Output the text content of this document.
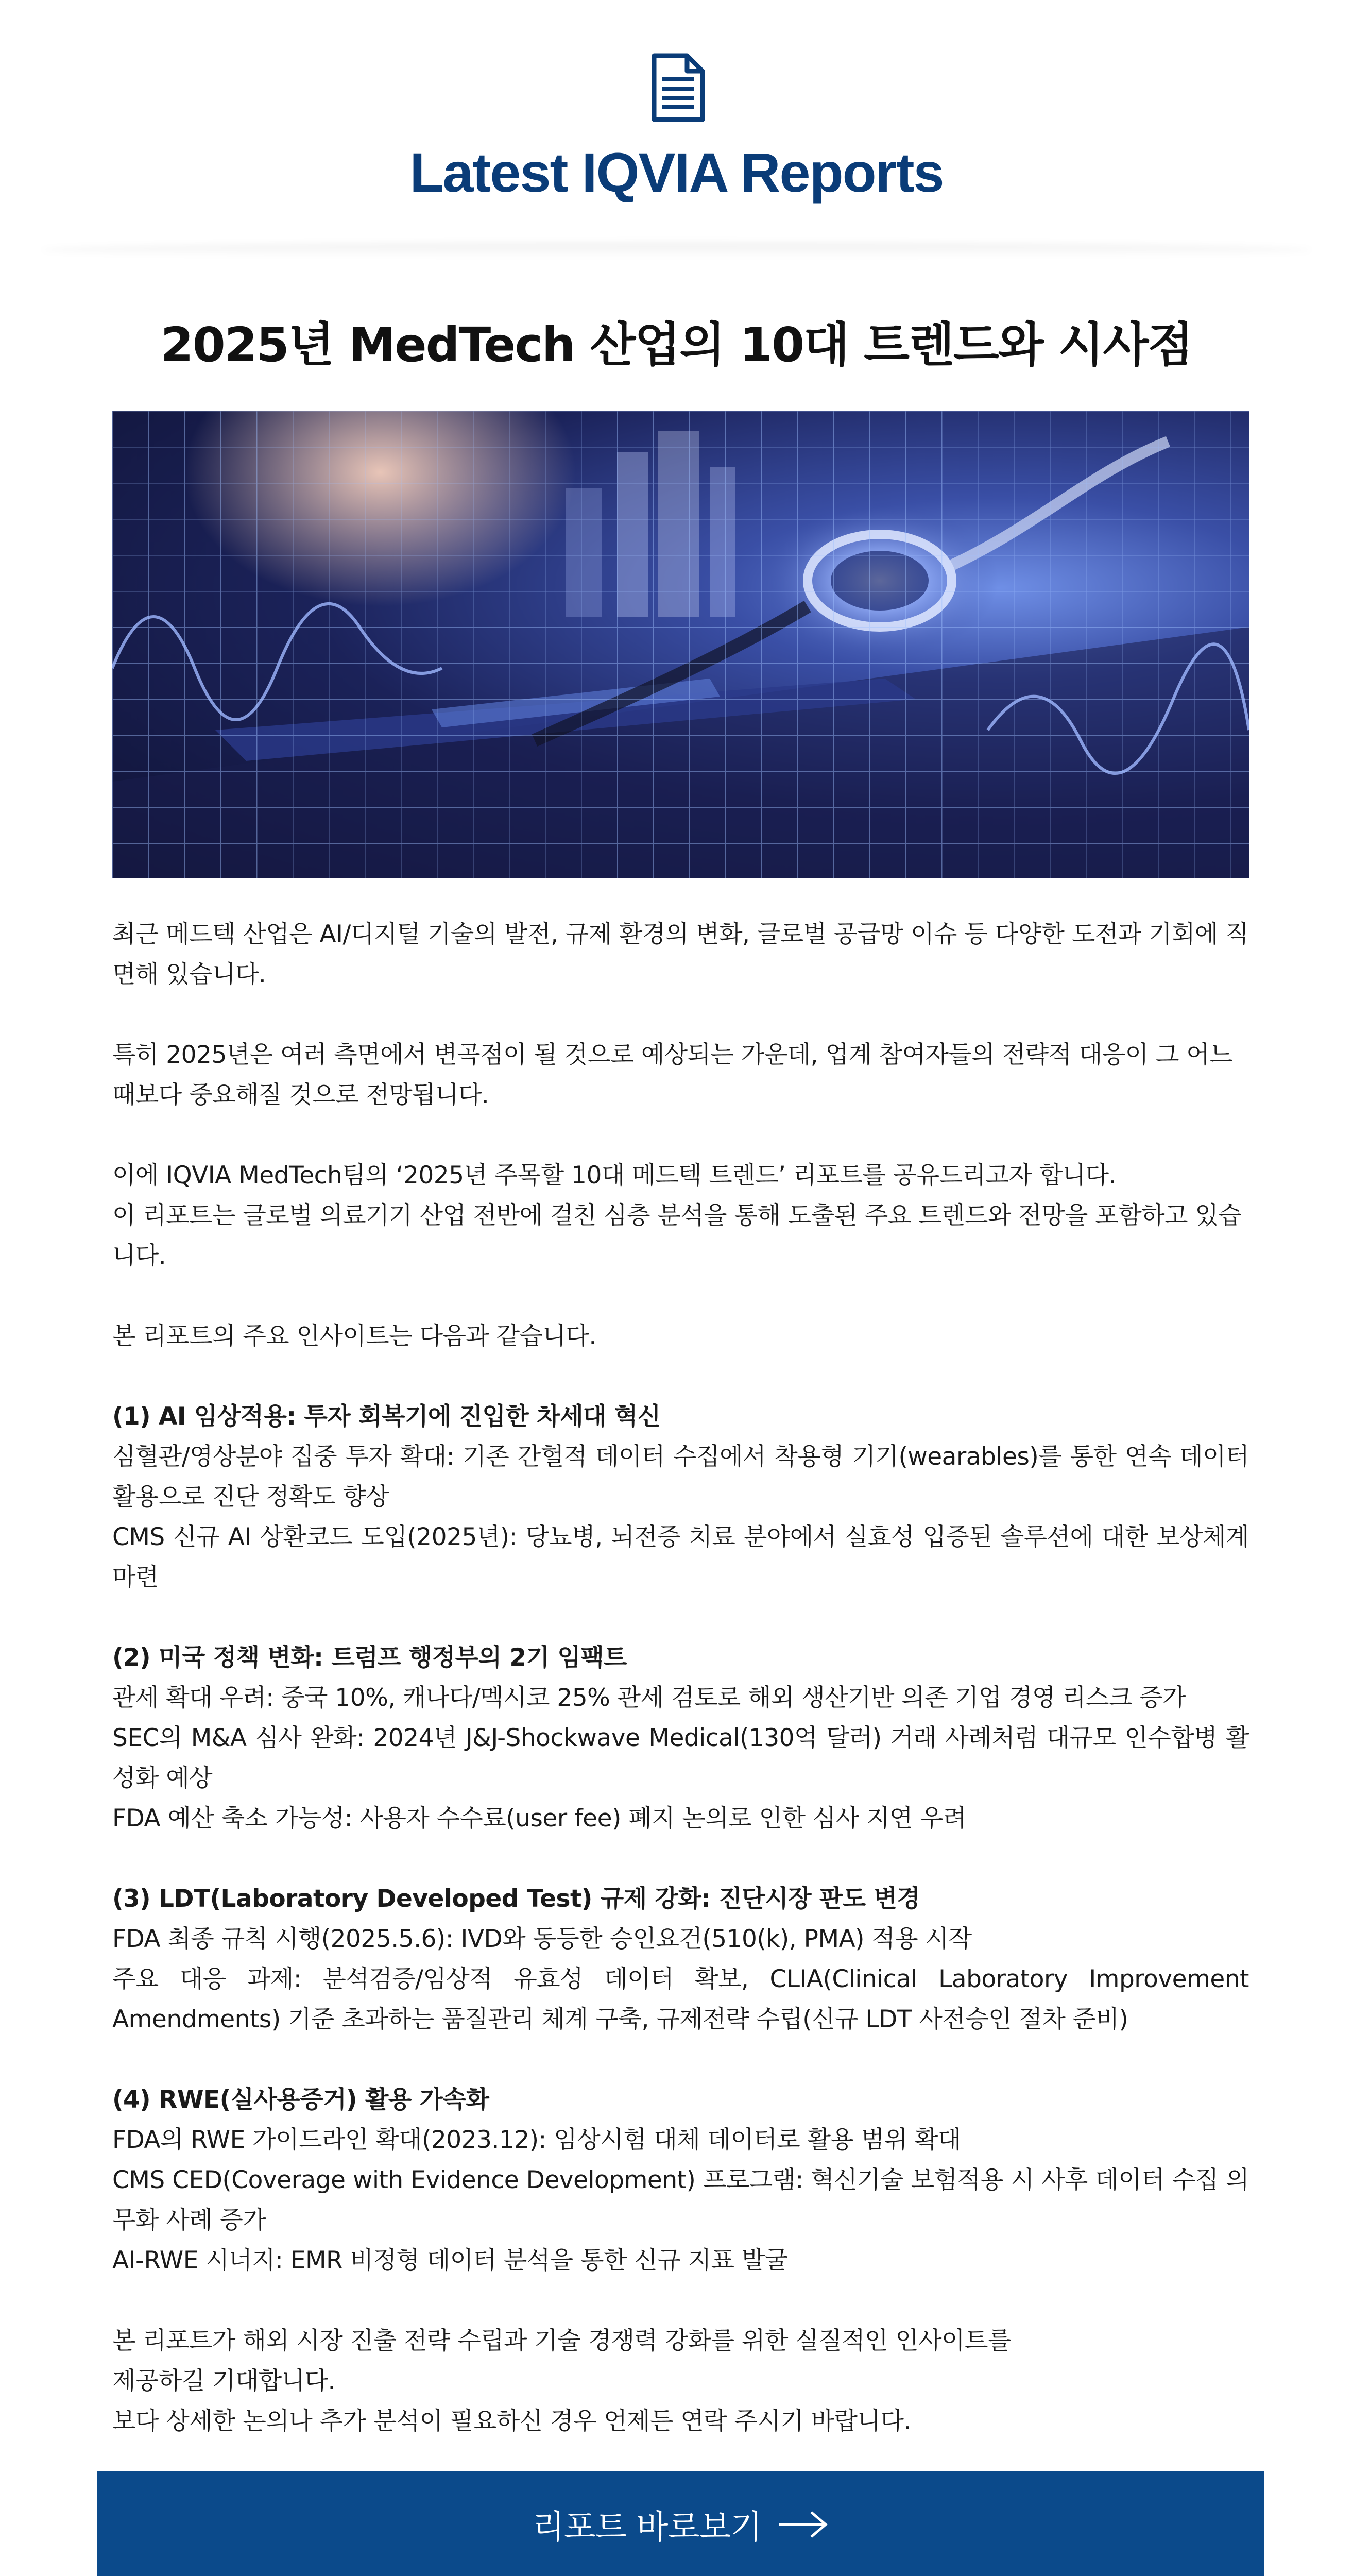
Latest IQVIA Reports
2025년 MedTech 산업의 10대 트렌드와 시사점

최근 메드텍 산업은 AI/디지털 기술의 발전, 규제 환경의 변화, 글로벌 공급망 이슈 등 다양한 도전과 기회에 직면해 있습니다.

특히 2025년은 여러 측면에서 변곡점이 될 것으로 예상되는 가운데, 업계 참여자들의 전략적 대응이 그 어느 때보다 중요해질 것으로 전망됩니다.

이에 IQVIA MedTech팀의 ‘2025년 주목할 10대 메드텍 트렌드’ 리포트를 공유드리고자 합니다.

이 리포트는 글로벌 의료기기 산업 전반에 걸친 심층 분석을 통해 도출된 주요 트렌드와 전망을 포함하고 있습니다.

본 리포트의 주요 인사이트는 다음과 같습니다.

(1) AI 임상적용: 투자 회복기에 진입한 차세대 혁신

심혈관/영상분야 집중 투자 확대: 기존 간헐적 데이터 수집에서 착용형 기기(wearables)를 통한 연속 데이터 활용으로 진단 정확도 향상

CMS 신규 AI 상환코드 도입(2025년): 당뇨병, 뇌전증 치료 분야에서 실효성 입증된 솔루션에 대한 보상체계 마련

(2) 미국 정책 변화: 트럼프 행정부의 2기 임팩트

관세 확대 우려: 중국 10%, 캐나다/멕시코 25% 관세 검토로 해외 생산기반 의존 기업 경영 리스크 증가

SEC의 M&A 심사 완화: 2024년 J&J-Shockwave Medical(130억 달러) 거래 사례처럼 대규모 인수합병 활성화 예상

FDA 예산 축소 가능성: 사용자 수수료(user fee) 폐지 논의로 인한 심사 지연 우려

(3) LDT(Laboratory Developed Test) 규제 강화: 진단시장 판도 변경

FDA 최종 규칙 시행(2025.5.6): IVD와 동등한 승인요건(510(k), PMA) 적용 시작

주요 대응 과제: 분석검증/임상적 유효성 데이터 확보, CLIA(Clinical Laboratory Improvement Amendments) 기준 초과하는 품질관리 체계 구축, 규제전략 수립(신규 LDT 사전승인 절차 준비)

(4) RWE(실사용증거) 활용 가속화

FDA의 RWE 가이드라인 확대(2023.12): 임상시험 대체 데이터로 활용 범위 확대

CMS CED(Coverage with Evidence Development) 프로그램: 혁신기술 보험적용 시 사후 데이터 수집 의무화 사례 증가

AI-RWE 시너지: EMR 비정형 데이터 분석을 통한 신규 지표 발굴

본 리포트가 해외 시장 진출 전략 수립과 기술 경쟁력 강화를 위한 실질적인 인사이트를

제공하길 기대합니다.

보다 상세한 논의나 추가 분석이 필요하신 경우 언제든 연락 주시기 바랍니다.

리포트 바로보기
